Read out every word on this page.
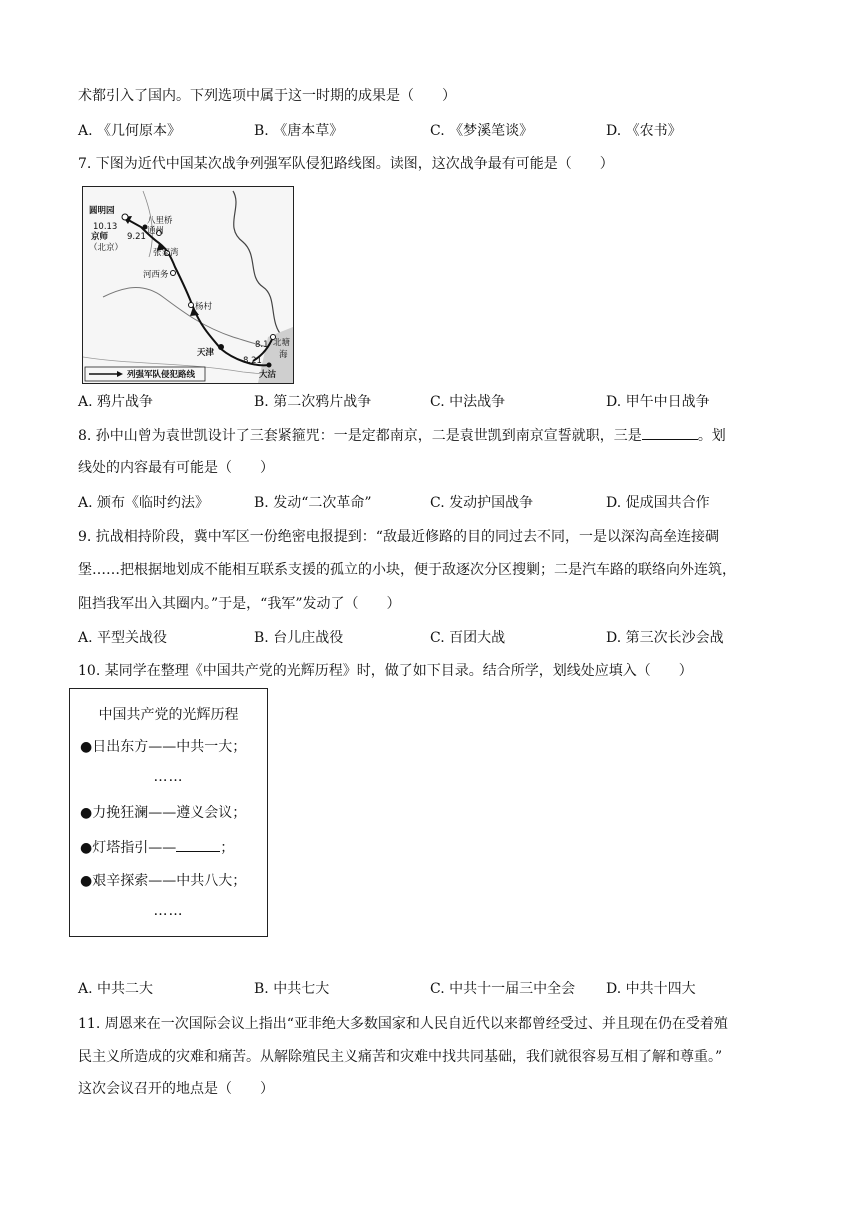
术都引入了国内。下列选项中属于这一时期的成果是（　　）
A. 《几何原本》	B. 《唐本草》	C. 《梦溪笔谈》	D. 《农书》
7. 下图为近代中国某次战争列强军队侵犯路线图。读图，这次战争最有可能是（　　）
圆明园
八里桥
通州
京师
（北京）
10.13
9.21
张家湾
河西务
杨村
天津
8.1 北塘
海
8.21
大沽
列强军队侵犯路线
A. 鸦片战争	B. 第二次鸦片战争	C. 中法战争	D. 甲午中日战争
8. 孙中山曾为袁世凯设计了三套紧箍咒：一是定都南京，二是袁世凯到南京宣誓就职，三是	。划
线处的内容最有可能是（　　）
A. 颁布《临时约法》	B. 发动“二次革命”	C. 发动护国战争	D. 促成国共合作
9. 抗战相持阶段，冀中军区一份绝密电报提到：“敌最近修路的目的同过去不同，一是以深沟高垒连接碉
堡……把根据地划成不能相互联系支援的孤立的小块，便于敌逐次分区搜剿；二是汽车路的联络向外连筑，
阻挡我军出入其圈内。”于是，“我军”发动了（　　）
A. 平型关战役	B. 台儿庄战役	C. 百团大战	D. 第三次长沙会战
10. 某同学在整理《中国共产党的光辉历程》时，做了如下目录。结合所学，划线处应填入（　　）
中国共产党的光辉历程
●日出东方——中共一大；
……
●力挽狂澜——遵义会议；
●灯塔指引——	；
●艰辛探索——中共八大；
……
A. 中共二大	B. 中共七大	C. 中共十一届三中全会 D. 中共十四大
11. 周恩来在一次国际会议上指出“亚非绝大多数国家和人民自近代以来都曾经受过、并且现在仍在受着殖
民主义所造成的灾难和痛苦。从解除殖民主义痛苦和灾难中找共同基础，我们就很容易互相了解和尊重。”
这次会议召开的地点是（　　）
